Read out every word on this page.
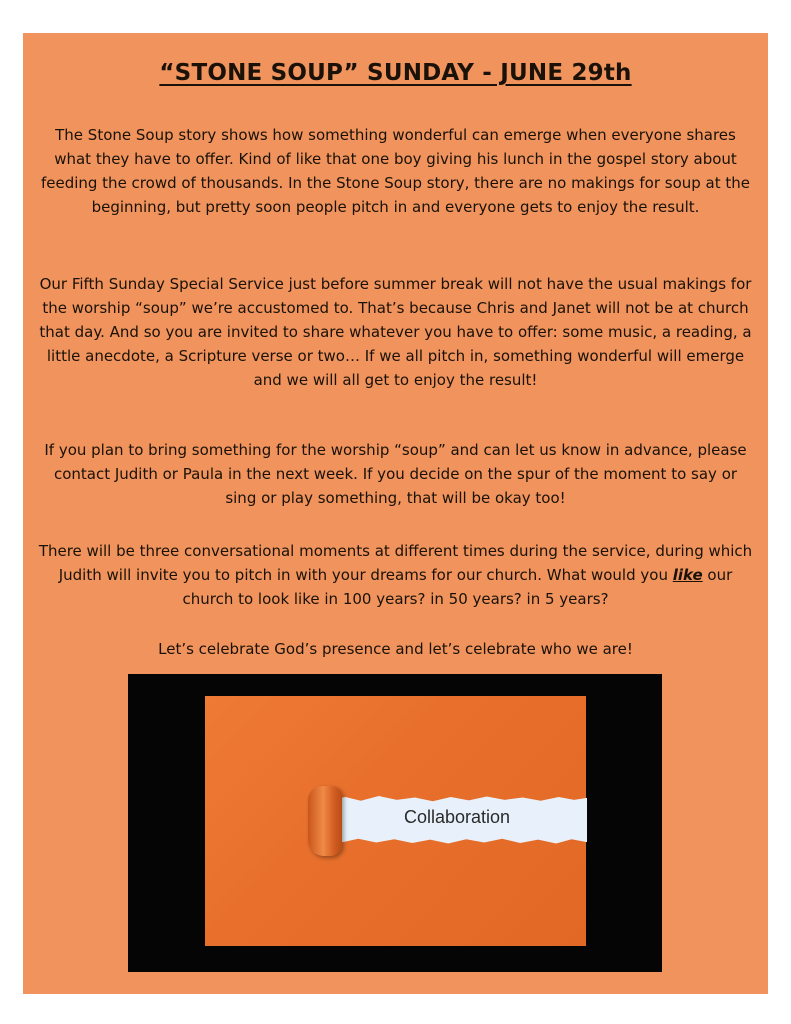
“STONE SOUP” SUNDAY - JUNE 29th
The Stone Soup story shows how something wonderful can emerge when everyone shares what they have to offer. Kind of like that one boy giving his lunch in the gospel story about feeding the crowd of thousands. In the Stone Soup story, there are no makings for soup at the beginning, but pretty soon people pitch in and everyone gets to enjoy the result.
Our Fifth Sunday Special Service just before summer break will not have the usual makings for the worship “soup” we’re accustomed to. That’s because Chris and Janet will not be at church that day. And so you are invited to share whatever you have to offer: some music, a reading, a little anecdote, a Scripture verse or two… If we all pitch in, something wonderful will emerge and we will all get to enjoy the result!
If you plan to bring something for the worship “soup” and can let us know in advance, please contact Judith or Paula in the next week. If you decide on the spur of the moment to say or sing or play something, that will be okay too!
There will be three conversational moments at different times during the service, during which Judith will invite you to pitch in with your dreams for our church. What would you like our church to look like in 100 years? in 50 years? in 5 years?
Let’s celebrate God’s presence and let’s celebrate who we are!
Collaboration
